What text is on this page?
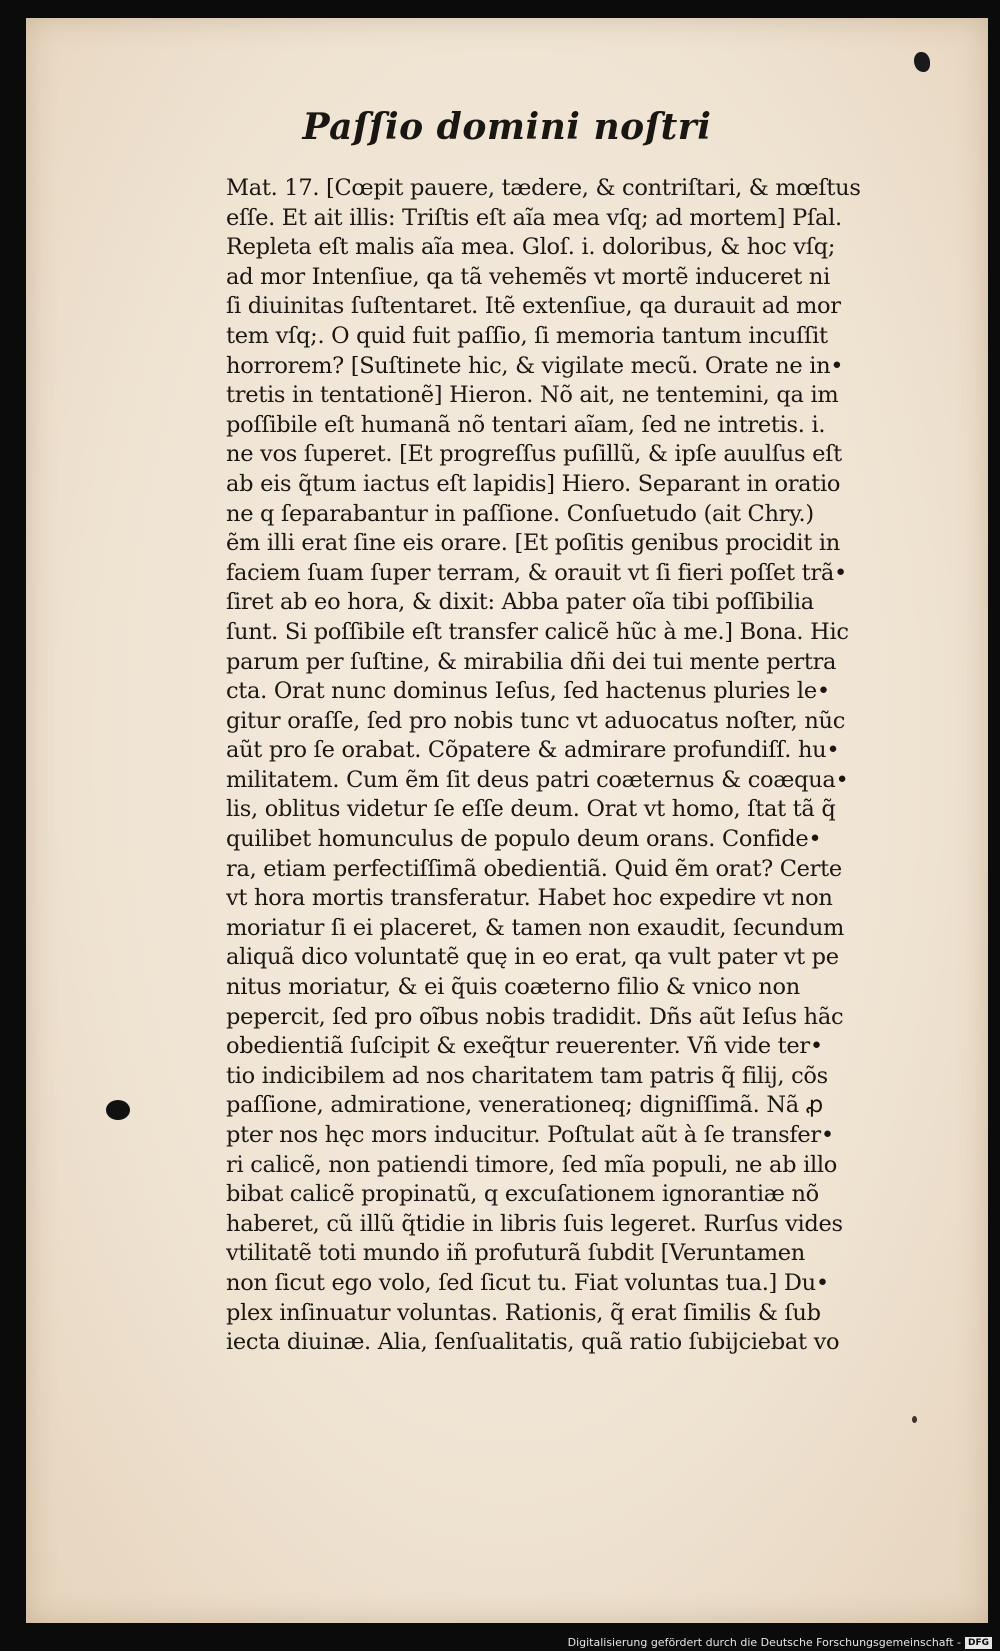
Paſſio domini noſtri
Mat. 17. [Cœpit pauere, tædere, & contriſtari, & mœſtus
eſſe. Et ait illis: Triſtis eſt aĩa mea vſq; ad mortem] Pſal.
Repleta eſt malis aĩa mea. Gloſ. i. doloribus, & hoc vſq;
ad mor Intenſiue, qa tã vehemẽs vt mortẽ induceret ni
ſi diuinitas ſuſtentaret. Itẽ extenſiue, qa durauit ad mor
tem vſq;. O quid fuit paſſio, ſi memoria tantum incuſſit
horrorem? [Suſtinete hic, & vigilate mecũ. Orate ne in•
tretis in tentationẽ] Hieron. Nõ ait, ne tentemini, qa im
poſſibile eſt humanã nõ tentari aĩam, ſed ne intretis. i.
ne vos ſuperet. [Et progreſſus puſillũ, & ipſe auulſus eſt
ab eis q̃tum iactus eſt lapidis] Hiero. Separant in oratio
ne q ſeparabantur in paſſione. Conſuetudo (ait Chry.)
ẽm illi erat ſine eis orare. [Et poſitis genibus procidit in
faciem ſuam ſuper terram, & orauit vt ſi fieri poſſet trã•
ſiret ab eo hora, & dixit: Abba pater oĩa tibi poſſibilia
ſunt. Si poſſibile eſt transfer calicẽ hũc à me.] Bona. Hic
parum per ſuſtine, & mirabilia dñi dei tui mente pertra
cta. Orat nunc dominus Ieſus, ſed hactenus pluries le•
gitur oraſſe, ſed pro nobis tunc vt aduocatus noſter, nũc
aũt pro ſe orabat. Cõpatere & admirare profundiſſ. hu•
militatem. Cum ẽm ſit deus patri coæternus & coæqua•
lis, oblitus videtur ſe eſſe deum. Orat vt homo, ſtat tã q̃
quilibet homunculus de populo deum orans. Confide•
ra, etiam perfectiſſimã obedientiã. Quid ẽm orat? Certe
vt hora mortis transferatur. Habet hoc expedire vt non
moriatur ſi ei placeret, & tamen non exaudit, ſecundum
aliquã dico voluntatẽ quę in eo erat, qa vult pater vt pe
nitus moriatur, & ei q̃uis coæterno filio & vnico non
pepercit, ſed pro oĩbus nobis tradidit. Dñs aũt Ieſus hãc
obedientiã ſuſcipit & exeq̃tur reuerenter. Vñ vide ter•
tio indicibilem ad nos charitatem tam patris q̃ filij, cõs
paſſione, admiratione, venerationeq; digniſſimã. Nã ꝓ
pter nos hęc mors inducitur. Poſtulat aũt à ſe transfer•
ri calicẽ, non patiendi timore, ſed mĩa populi, ne ab illo
bibat calicẽ propinatũ, q excuſationem ignorantiæ nõ
haberet, cũ illũ q̃tidie in libris ſuis legeret. Rurſus vides
vtilitatẽ toti mundo iñ profuturã ſubdit [Veruntamen
non ſicut ego volo, ſed ſicut tu. Fiat voluntas tua.] Du•
plex inſinuatur voluntas. Rationis, q̃ erat ſimilis & ſub
iecta diuinæ. Alia, ſenſualitatis, quã ratio ſubijciebat vo
Digitalisierung gefördert durch die Deutsche Forschungsgemeinschaft - DFG
